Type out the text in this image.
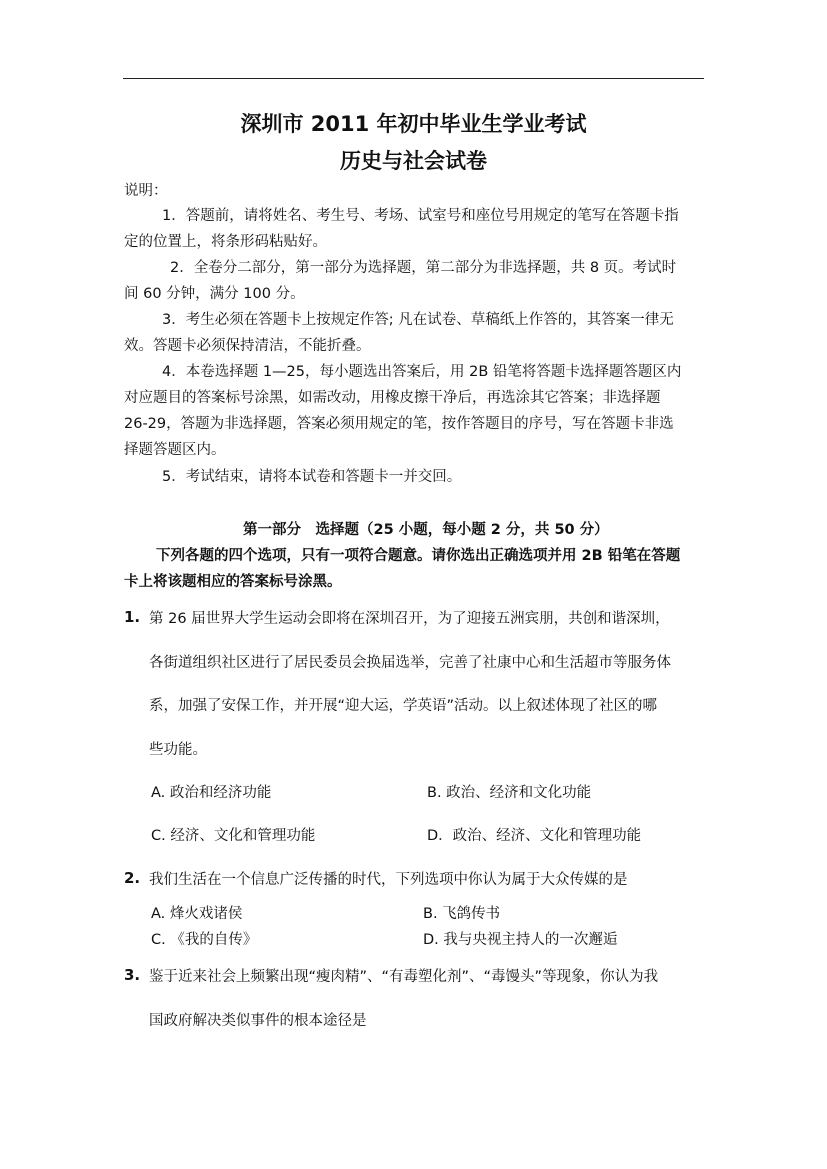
深圳市 2011 年初中毕业生学业考试
历史与社会试卷
说明：
1．答题前，请将姓名、考生号、考场、试室号和座位号用规定的笔写在答题卡指
定的位置上，将条形码粘贴好。
2．全卷分二部分，第一部分为选择题，第二部分为非选择题，共 8 页。考试时
间 60 分钟，满分 100 分。
3．考生必须在答题卡上按规定作答; 凡在试卷、草稿纸上作答的，其答案一律无
效。答题卡必须保持清洁，不能折叠。
4．本卷选择题 1—25，每小题选出答案后，用 2B 铅笔将答题卡选择题答题区内
对应题目的答案标号涂黑，如需改动，用橡皮擦干净后，再选涂其它答案；非选择题
26-29，答题为非选择题，答案必须用规定的笔，按作答题目的序号，写在答题卡非选
择题答题区内。
5．考试结束，请将本试卷和答题卡一并交回。
第一部分　选择题（25 小题，每小题 2 分，共 50 分）
下列各题的四个选项，只有一项符合题意。请你选出正确选项并用 2B 铅笔在答题
卡上将该题相应的答案标号涂黑。
1. 第 26 届世界大学生运动会即将在深圳召开，为了迎接五洲宾朋，共创和谐深圳，
各街道组织社区进行了居民委员会换届选举，完善了社康中心和生活超市等服务体
系，加强了安保工作，并开展“迎大运，学英语”活动。以上叙述体现了社区的哪
些功能。
A. 政治和经济功能	B. 政治、经济和文化功能
C. 经济、文化和管理功能	D．政治、经济、文化和管理功能
2. 我们生活在一个信息广泛传播的时代，下列选项中你认为属于大众传媒的是
A. 烽火戏诸侯	B. 飞鸽传书
C. 《我的自传》	D. 我与央视主持人的一次邂逅
3. 鉴于近来社会上频繁出现“瘦肉精”、“有毒塑化剂”、“毒馒头”等现象，你认为我
国政府解决类似事件的根本途径是
